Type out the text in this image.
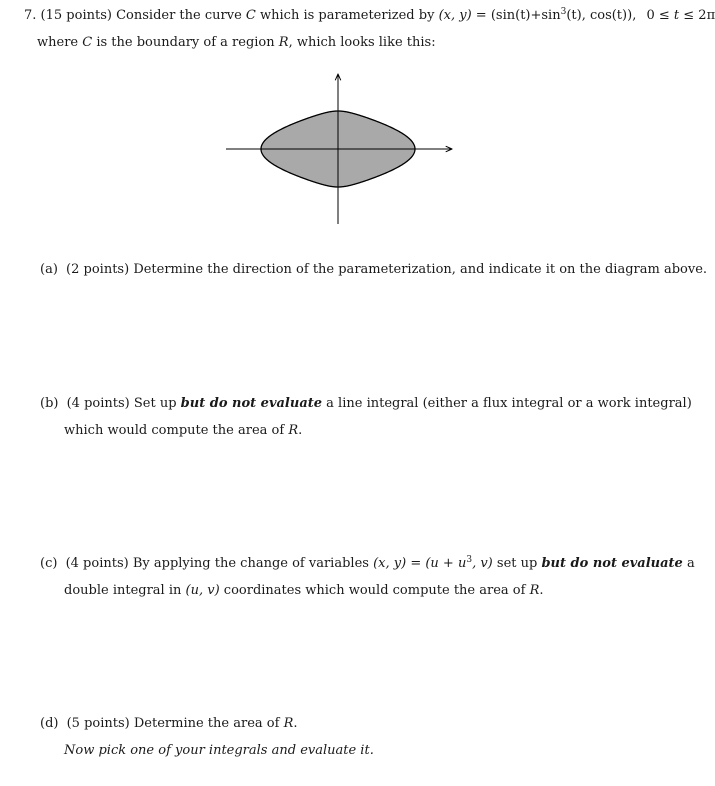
7. (15 points) Consider the curve C which is parameterized by (x, $y) = (\sin(t)+\sin^3(t)$, cos(t)), 0 ≤ t ≤ 2π
where C is the boundary of a region R, which looks like this:
(a) (2 points) Determine the direction of the parameterization, and indicate it on the diagram above.
(b) (4 points) Set up but do not evaluate a line integral (either a flux integral or a work integral)
which would compute the area of R.
(c) (4 points) By applying the change of variables (x, $y) = (u + u^3$, v) set up but do not evaluate a
double integral in (u, v) coordinates which would compute the area of R.
(d) (5 points) Determine the area of R.
Now pick one of your integrals and evaluate it.
